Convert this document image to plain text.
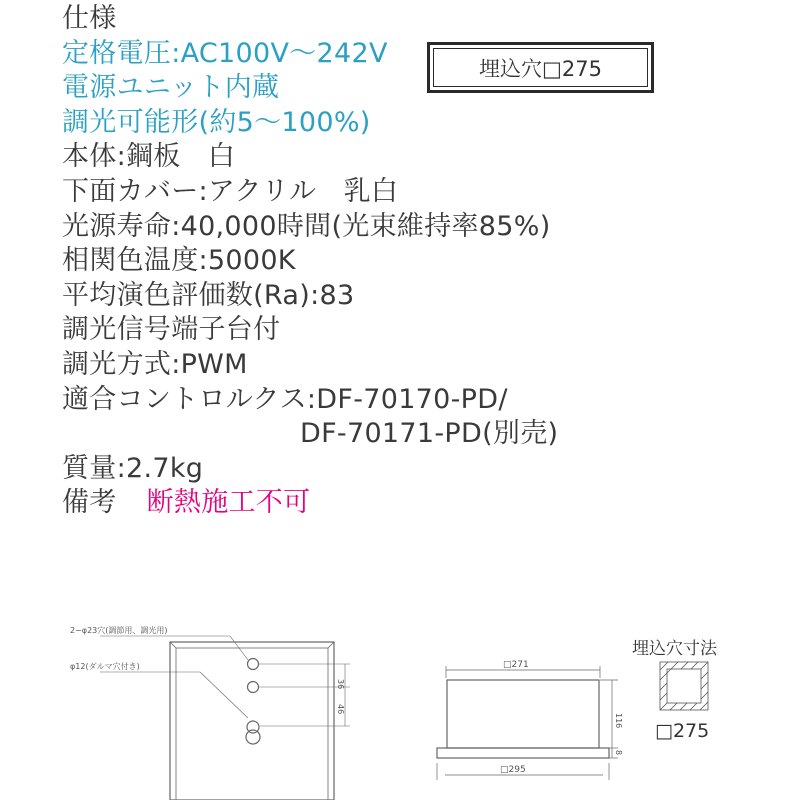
仕様
定格電圧:AC100V～242V
電源ユニット内蔵
調光可能形(約5～100%)
本体:鋼板　白
下面カバー:アクリル　乳白
光源寿命:40,000時間(光束維持率85%)
相関色温度:5000K
平均演色評価数(Ra):83
調光信号端子台付
調光方式:PWM
適合コントロルクス:DF-70170-PD/
DF-70171-PD(別売)
質量:2.7kg
備考 断熱施工不可
埋込穴□275
2−φ23穴(調節用、調光用)
φ12(ダルマ穴付き)
36
46
□271
116
8
□295
埋込穴寸法
□275
